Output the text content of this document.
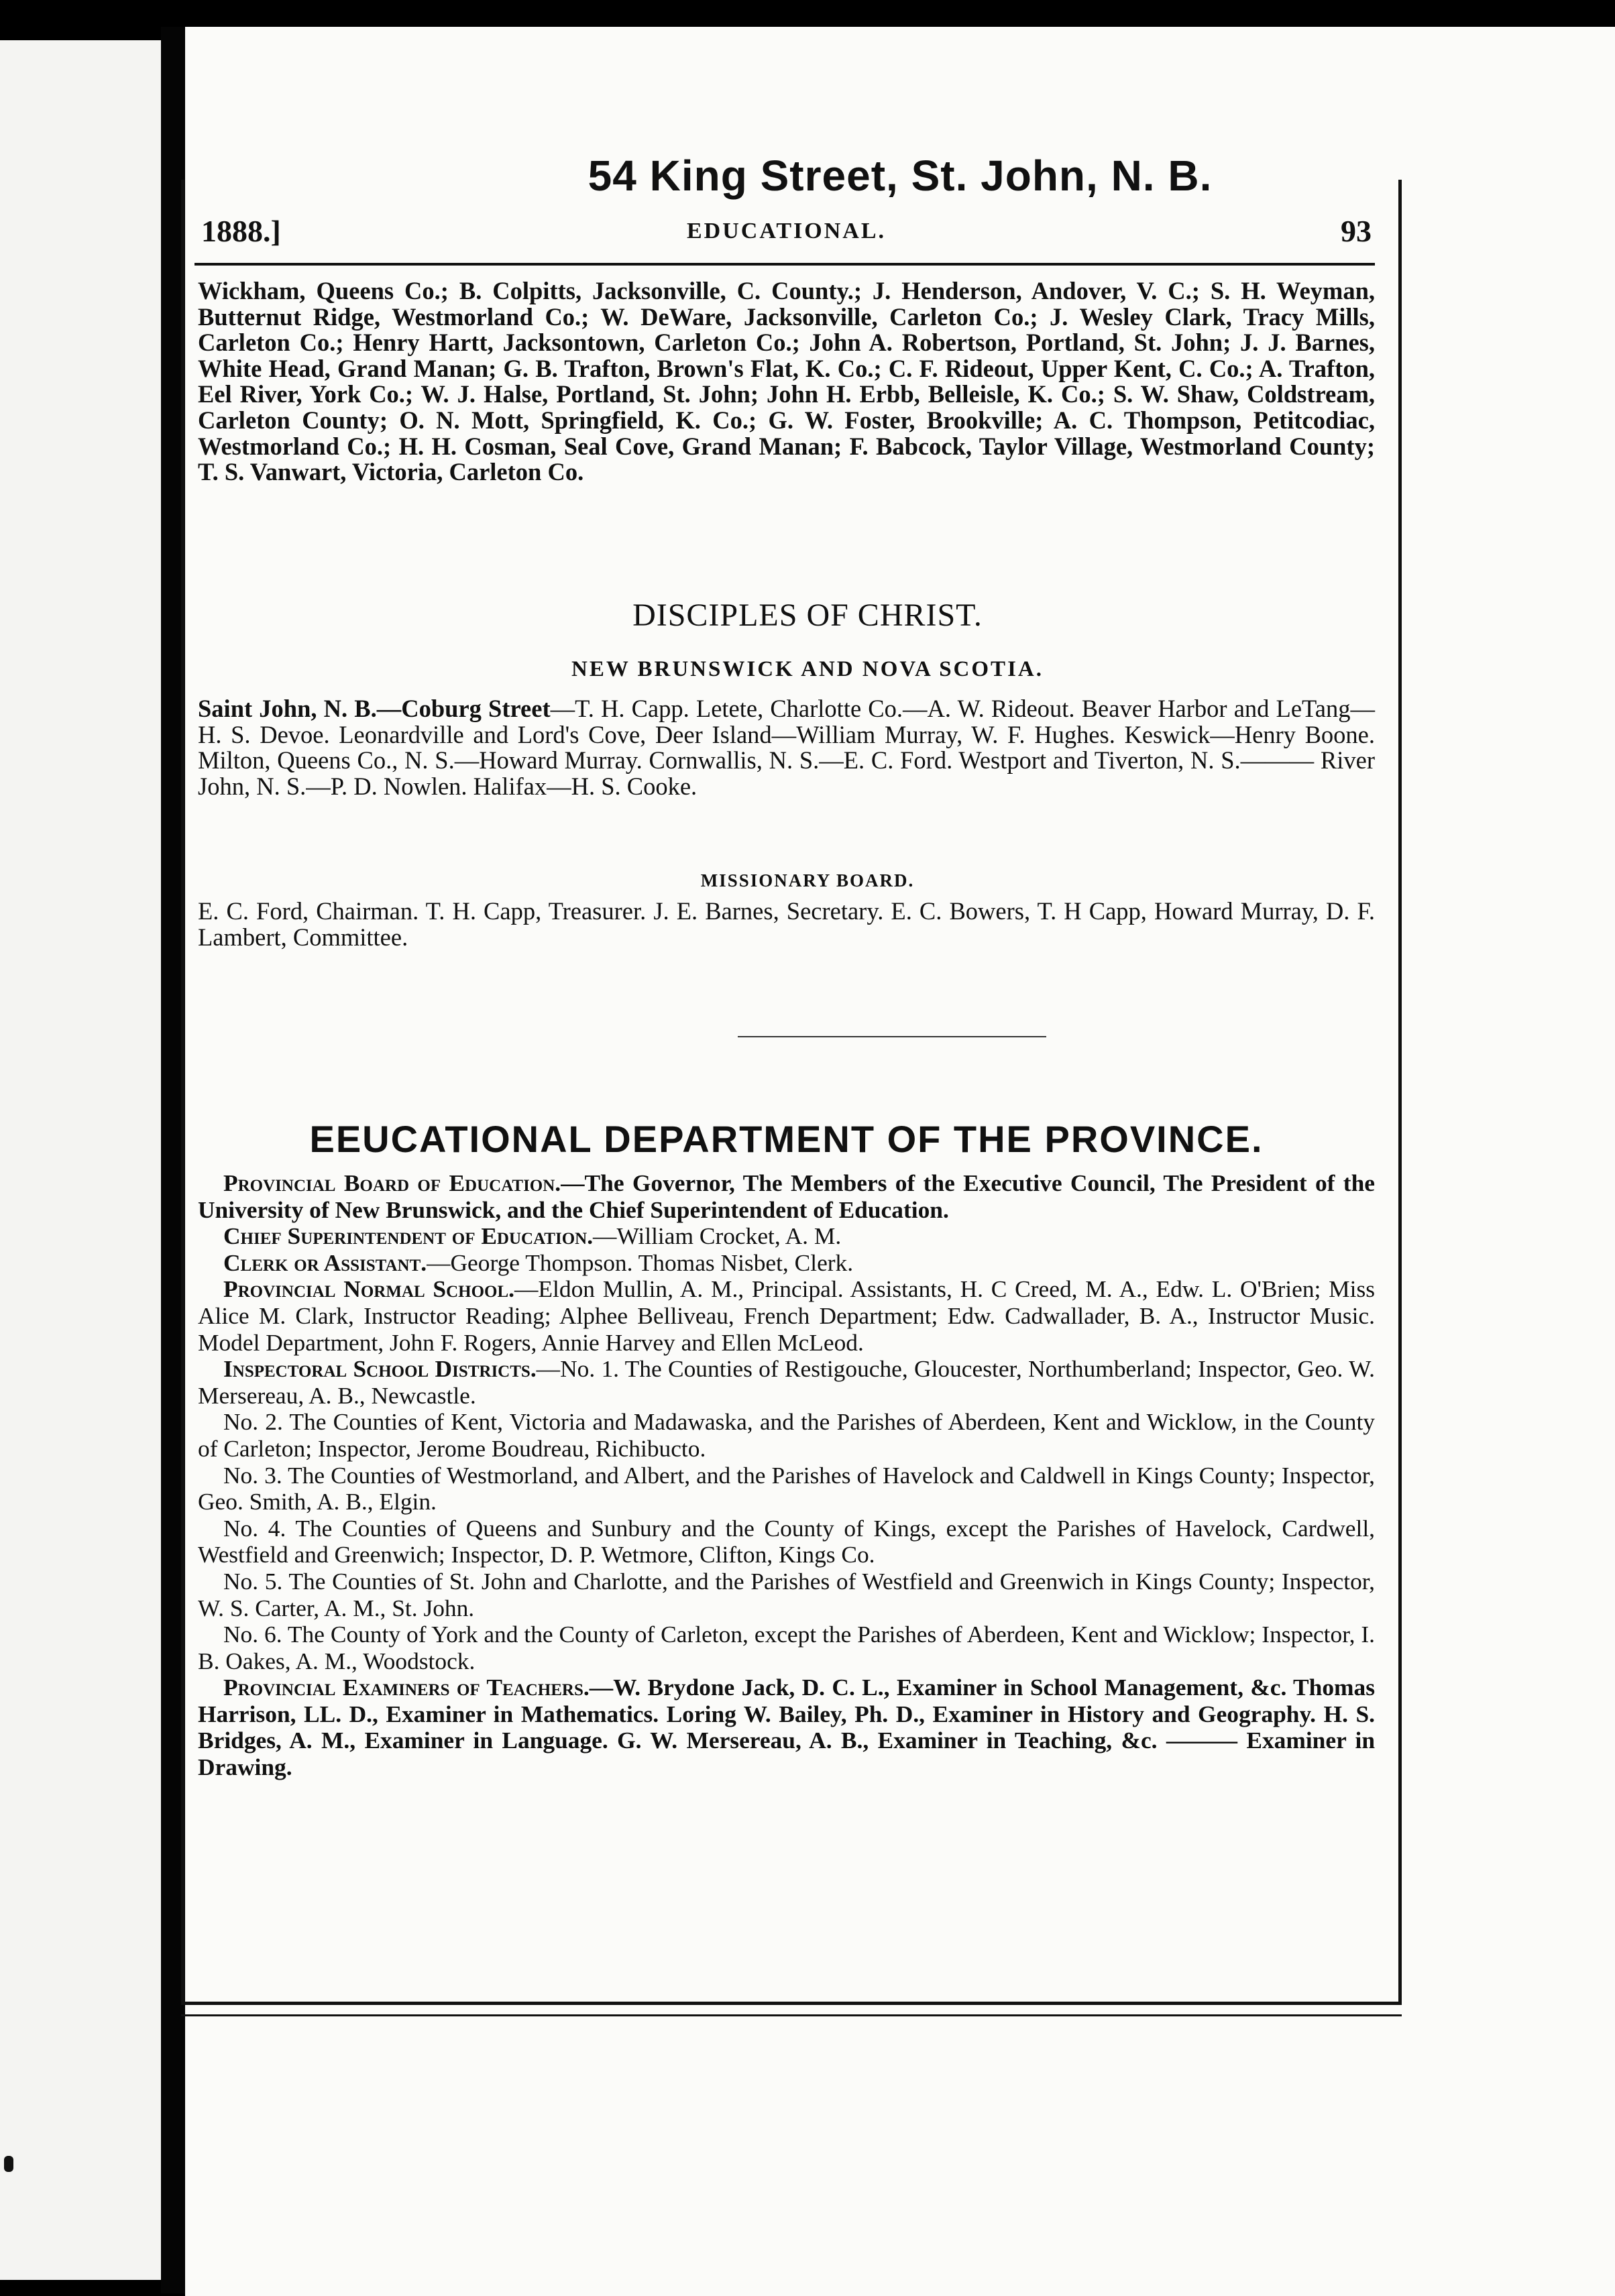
54 King Street, St. John, N. B.
1888.]	EDUCATIONAL.	93

Wickham, Queens Co.; B. Colpitts, Jacksonville, C. County.; J. Henderson, Andover, V. C.; S. H. Weyman, Butternut Ridge, Westmorland Co.; W. DeWare, Jacksonville, Carleton Co.; J. Wesley Clark, Tracy Mills, Carleton Co.; Henry Hartt, Jacksontown, Carleton Co.; John A. Robertson, Portland, St. John; J. J. Barnes, White Head, Grand Manan; G. B. Trafton, Brown's Flat, K. Co.; C. F. Rideout, Upper Kent, C. Co.; A. Trafton, Eel River, York Co.; W. J. Halse, Portland, St. John; John H. Erbb, Belleisle, K. Co.; S. W. Shaw, Coldstream, Carleton County; O. N. Mott, Springfield, K. Co.; G. W. Foster, Brookville; A. C. Thompson, Petitcodiac, Westmorland Co.; H. H. Cosman, Seal Cove, Grand Manan; F. Babcock, Taylor Village, Westmorland County; T. S. Vanwart, Victoria, Carleton Co.

DISCIPLES OF CHRIST.
NEW BRUNSWICK AND NOVA SCOTIA.

Saint John, N. B.—Coburg Street—T. H. Capp. Letete, Charlotte Co.—A. W. Rideout. Beaver Harbor and LeTang—H. S. Devoe. Leonardville and Lord's Cove, Deer Island—William Murray, W. F. Hughes. Keswick—Henry Boone. Milton, Queens Co., N. S.—Howard Murray. Cornwallis, N. S.—E. C. Ford. Westport and Tiverton, N. S.——— River John, N. S.—P. D. Nowlen. Halifax—H. S. Cooke.

MISSIONARY BOARD.

E. C. Ford, Chairman. T. H. Capp, Treasurer. J. E. Barnes, Secretary. E. C. Bowers, T. H Capp, Howard Murray, D. F. Lambert, Committee.

EEUCATIONAL DEPARTMENT OF THE PROVINCE.

Provincial Board of Education.—The Governor, The Members of the Executive Council, The President of the University of New Brunswick, and the Chief Superintendent of Education.

Chief Superintendent of Education.—William Crocket, A. M.

Clerk or Assistant.—George Thompson. Thomas Nisbet, Clerk.

Provincial Normal School.—Eldon Mullin, A. M., Principal. Assistants, H. C Creed, M. A., Edw. L. O'Brien; Miss Alice M. Clark, Instructor Reading; Alphee Belliveau, French Department; Edw. Cadwallader, B. A., Instructor Music. Model Department, John F. Rogers, Annie Harvey and Ellen McLeod.

Inspectoral School Districts.—No. 1. The Counties of Restigouche, Gloucester, Northumberland; Inspector, Geo. W. Mersereau, A. B., Newcastle.

No. 2. The Counties of Kent, Victoria and Madawaska, and the Parishes of Aberdeen, Kent and Wicklow, in the County of Carleton; Inspector, Jerome Boudreau, Richibucto.

No. 3. The Counties of Westmorland, and Albert, and the Parishes of Havelock and Caldwell in Kings County; Inspector, Geo. Smith, A. B., Elgin.

No. 4. The Counties of Queens and Sunbury and the County of Kings, except the Parishes of Havelock, Cardwell, Westfield and Greenwich; Inspector, D. P. Wetmore, Clifton, Kings Co.

No. 5. The Counties of St. John and Charlotte, and the Parishes of Westfield and Greenwich in Kings County; Inspector, W. S. Carter, A. M., St. John.

No. 6. The County of York and the County of Carleton, except the Parishes of Aberdeen, Kent and Wicklow; Inspector, I. B. Oakes, A. M., Woodstock.

Provincial Examiners of Teachers.—W. Brydone Jack, D. C. L., Examiner in School Management, &c. Thomas Harrison, LL. D., Examiner in Mathematics. Loring W. Bailey, Ph. D., Examiner in History and Geography. H. S. Bridges, A. M., Examiner in Language. G. W. Mersereau, A. B., Examiner in Teaching, &c. ——— Examiner in Drawing.
